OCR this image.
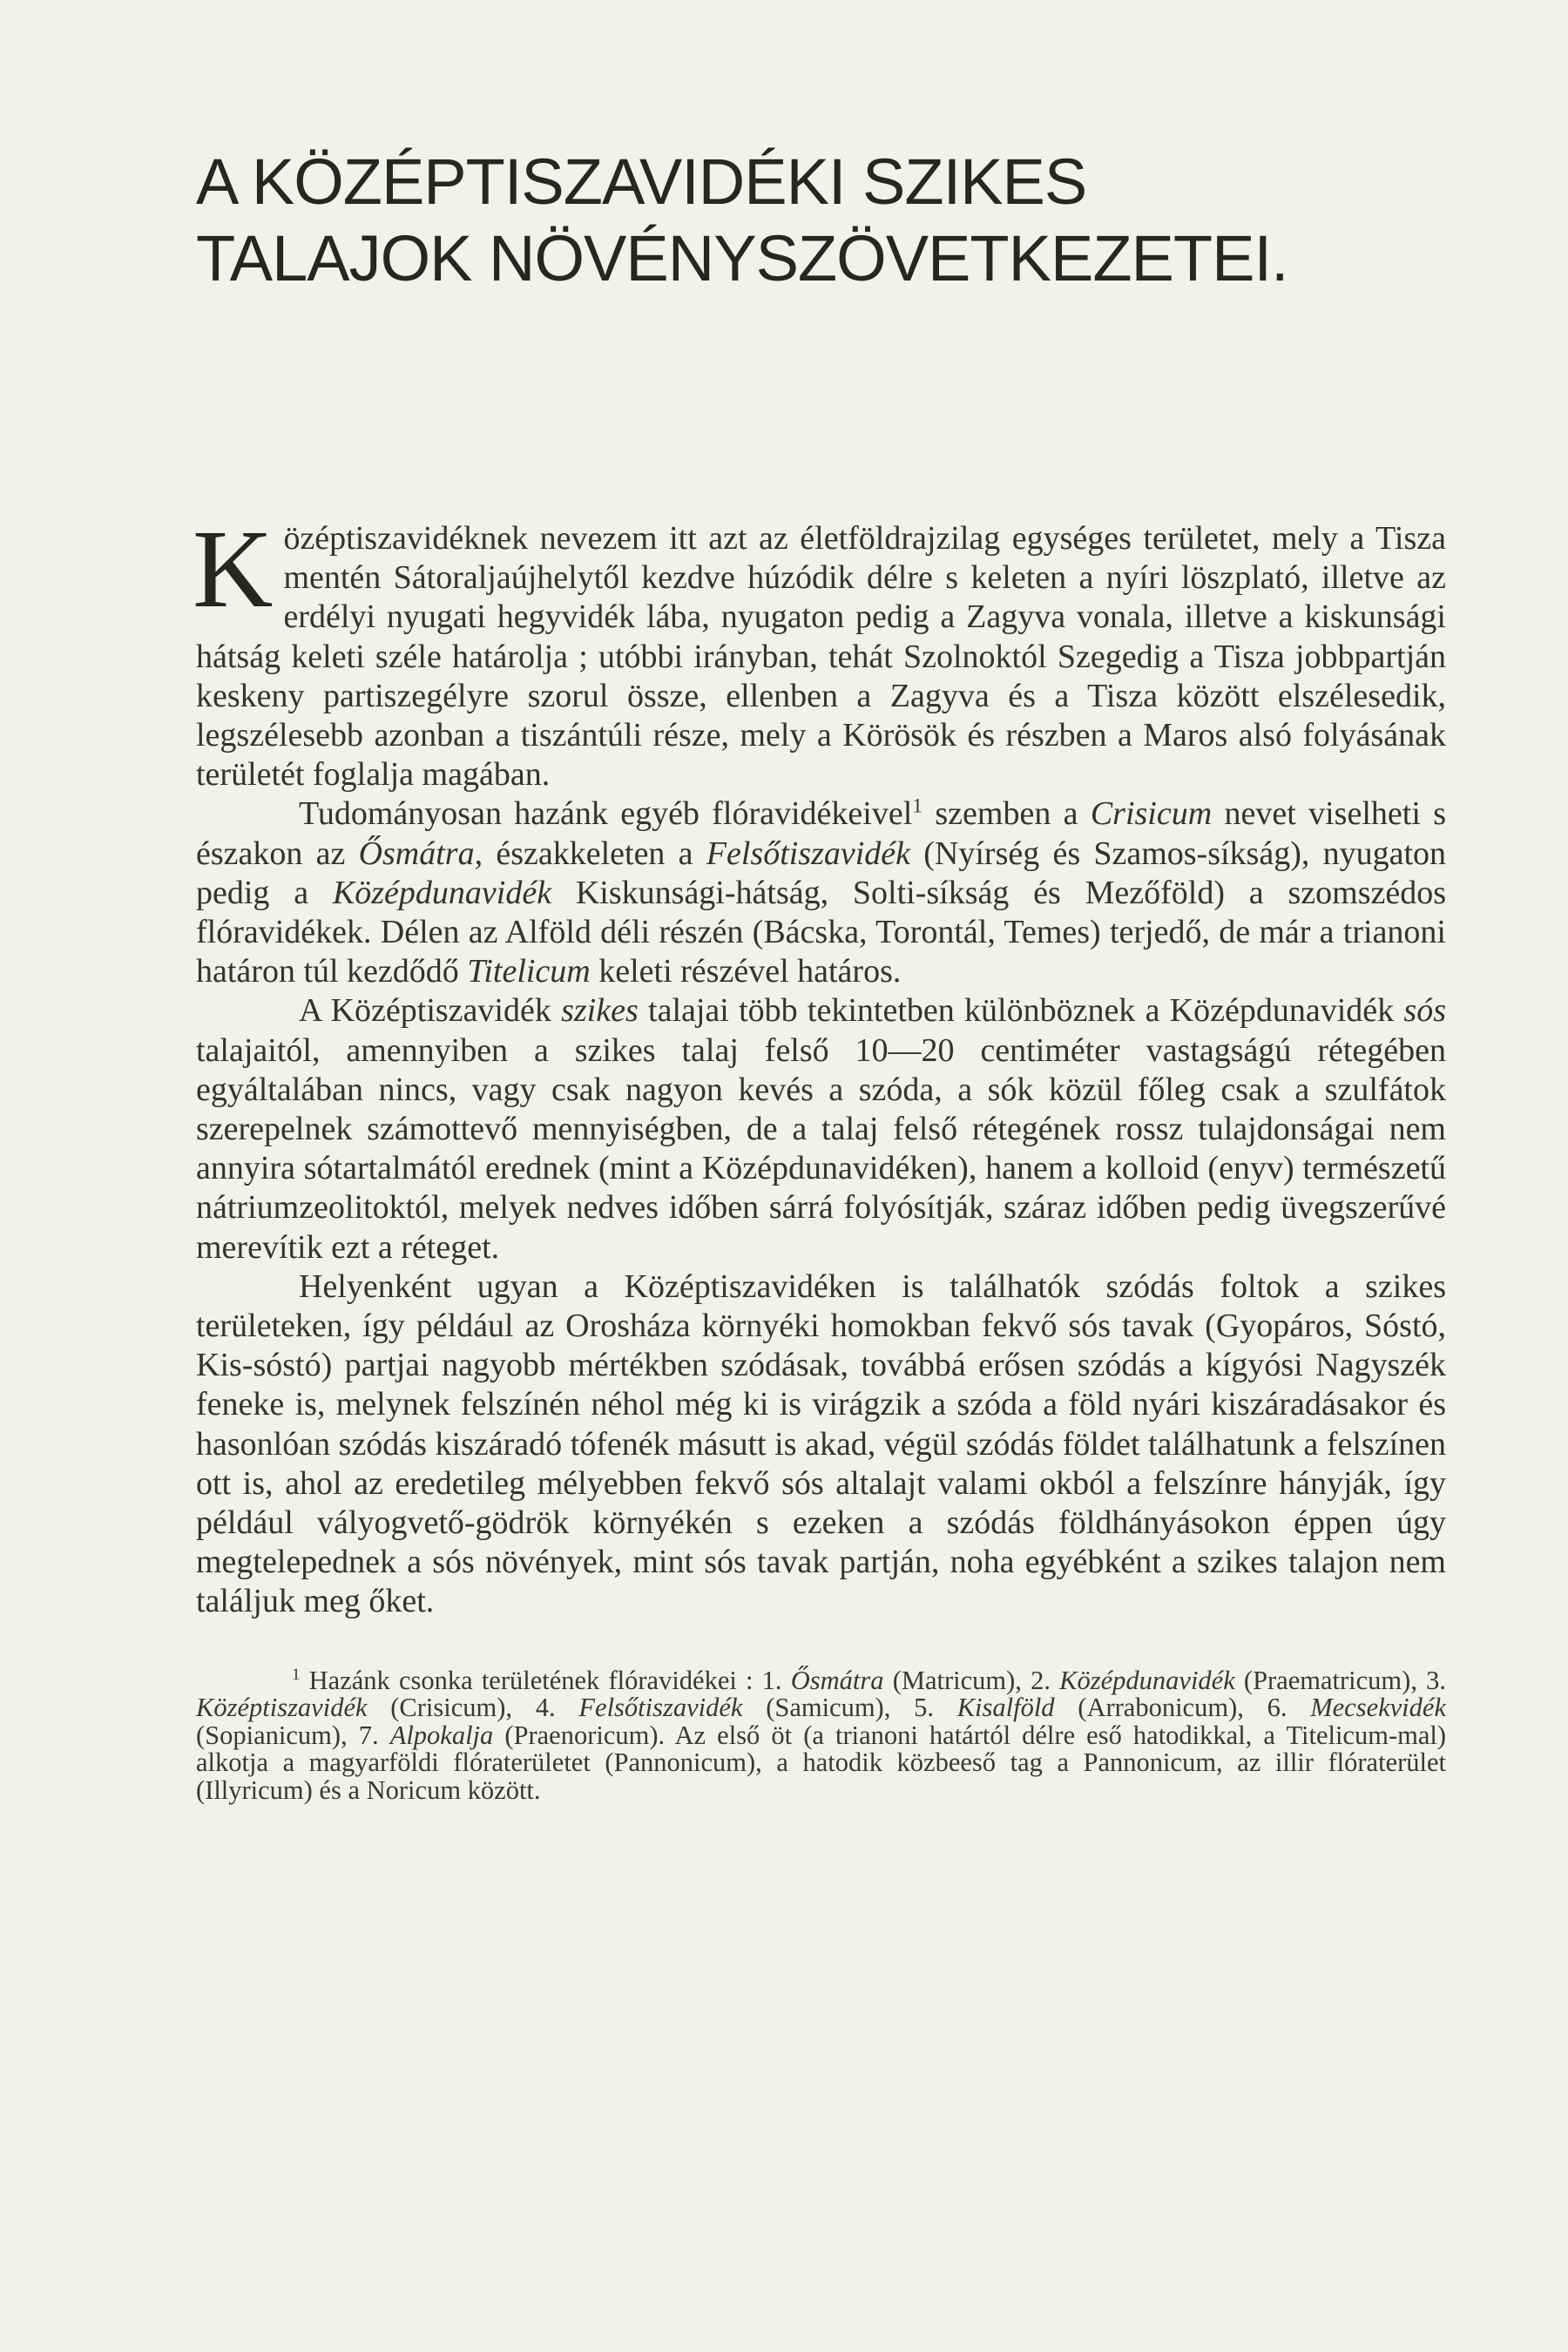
A KÖZÉPTISZAVIDÉKI SZIKES
TALAJOK NÖVÉNYSZÖVETKEZETEI.

Középtiszavidéknek nevezem itt azt az életföldrajzilag egységes területet, mely a Tisza mentén Sátoraljaújhelytől kezdve húzódik délre s keleten a nyíri löszplató, illetve az erdélyi nyugati hegyvidék lába, nyugaton pedig a Zagyva vonala, illetve a kiskunsági hátság keleti széle határolja ; utóbbi irányban, tehát Szolnoktól Szegedig a Tisza jobbpartján keskeny partiszegélyre szorul össze, ellenben a Zagyva és a Tisza között elszélesedik, legszélesebb azonban a tiszántúli része, mely a Körösök és részben a Maros alsó folyásának területét foglalja magában.

Tudományosan hazánk egyéb flóravidékeivel$^1$ szemben a Crisicum nevet viselheti s északon az Ősmátra, északkeleten a Felsőtiszavidék (Nyírség és Szamos-síkság), nyugaton pedig a Középdunavidék Kiskunsági-hátság, Solti-síkság és Mezőföld) a szomszédos flóravidékek. Délen az Alföld déli részén (Bácska, Torontál, Temes) terjedő, de már a trianoni határon túl kezdődő Titelicum keleti részével határos.

A Középtiszavidék szikes talajai több tekintetben különböznek a Középdunavidék sós talajaitól, amennyiben a szikes talaj felső 10—20 centiméter vastagságú rétegében egyáltalában nincs, vagy csak nagyon kevés a szóda, a sók közül főleg csak a szulfátok szerepelnek számottevő mennyiségben, de a talaj felső rétegének rossz tulajdonságai nem annyira sótartalmától erednek (mint a Középdunavidéken), hanem a kolloid (enyv) természetű nátriumzeolitoktól, melyek nedves időben sárrá folyósítják, száraz időben pedig üvegszerűvé merevítik ezt a réteget.

Helyenként ugyan a Középtiszavidéken is találhatók szódás foltok a szikes területeken, így például az Orosháza környéki homokban fekvő sós tavak (Gyopáros, Sóstó, Kis-sóstó) partjai nagyobb mértékben szódásak, továbbá erősen szódás a kígyósi Nagyszék feneke is, melynek felszínén néhol még ki is virágzik a szóda a föld nyári kiszáradásakor és hasonlóan szódás kiszáradó tófenék másutt is akad, végül szódás földet találhatunk a felszínen ott is, ahol az eredetileg mélyebben fekvő sós altalajt valami okból a felszínre hányják, így például vályogvető-gödrök környékén s ezeken a szódás földhányásokon éppen úgy megtelepednek a sós növények, mint sós tavak partján, noha egyébként a szikes talajon nem találjuk meg őket.

$^1$ Hazánk csonka területének flóravidékei : 1. Ősmátra (Matricum), 2. Középdunavidék (Praematricum), 3. Középtiszavidék (Crisicum), 4. Felsőtiszavidék (Samicum), 5. Kisalföld (Arrabonicum), 6. Mecsekvidék (Sopianicum), 7. Alpokalja (Praenoricum). Az első öt (a trianoni határtól délre eső hatodikkal, a Titelicum-mal) alkotja a magyarföldi flóraterületet (Pannonicum), a hatodik közbeeső tag a Pannonicum, az illir flóraterület (Illyricum) és a Noricum között.
